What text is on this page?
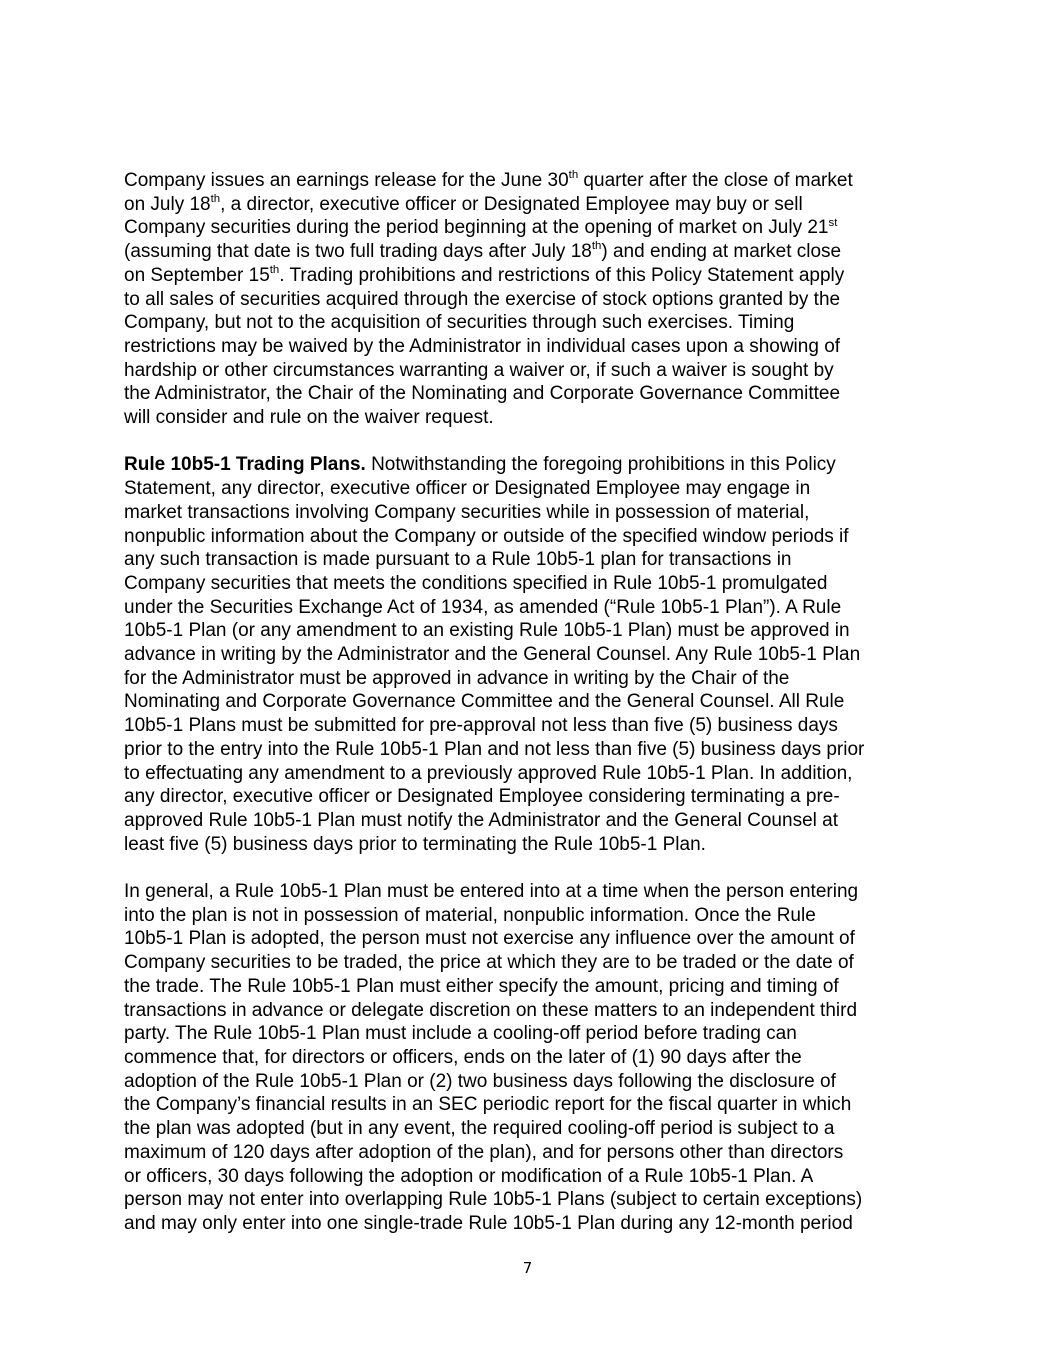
Company issues an earnings release for the June 30th quarter after the close of market
on July 18th, a director, executive officer or Designated Employee may buy or sell
Company securities during the period beginning at the opening of market on July 21st
(assuming that date is two full trading days after July 18th) and ending at market close
on September 15th. Trading prohibitions and restrictions of this Policy Statement apply
to all sales of securities acquired through the exercise of stock options granted by the
Company, but not to the acquisition of securities through such exercises. Timing
restrictions may be waived by the Administrator in individual cases upon a showing of
hardship or other circumstances warranting a waiver or, if such a waiver is sought by
the Administrator, the Chair of the Nominating and Corporate Governance Committee
will consider and rule on the waiver request.

Rule 10b5-1 Trading Plans. Notwithstanding the foregoing prohibitions in this Policy
Statement, any director, executive officer or Designated Employee may engage in
market transactions involving Company securities while in possession of material,
nonpublic information about the Company or outside of the specified window periods if
any such transaction is made pursuant to a Rule 10b5-1 plan for transactions in
Company securities that meets the conditions specified in Rule 10b5-1 promulgated
under the Securities Exchange Act of 1934, as amended (“Rule 10b5-1 Plan”). A Rule
10b5-1 Plan (or any amendment to an existing Rule 10b5-1 Plan) must be approved in
advance in writing by the Administrator and the General Counsel. Any Rule 10b5-1 Plan
for the Administrator must be approved in advance in writing by the Chair of the
Nominating and Corporate Governance Committee and the General Counsel. All Rule
10b5-1 Plans must be submitted for pre-approval not less than five (5) business days
prior to the entry into the Rule 10b5-1 Plan and not less than five (5) business days prior
to effectuating any amendment to a previously approved Rule 10b5-1 Plan. In addition,
any director, executive officer or Designated Employee considering terminating a pre-
approved Rule 10b5-1 Plan must notify the Administrator and the General Counsel at
least five (5) business days prior to terminating the Rule 10b5-1 Plan.

In general, a Rule 10b5-1 Plan must be entered into at a time when the person entering
into the plan is not in possession of material, nonpublic information. Once the Rule
10b5-1 Plan is adopted, the person must not exercise any influence over the amount of
Company securities to be traded, the price at which they are to be traded or the date of
the trade. The Rule 10b5-1 Plan must either specify the amount, pricing and timing of
transactions in advance or delegate discretion on these matters to an independent third
party. The Rule 10b5-1 Plan must include a cooling-off period before trading can
commence that, for directors or officers, ends on the later of (1) 90 days after the
adoption of the Rule 10b5-1 Plan or (2) two business days following the disclosure of
the Company’s financial results in an SEC periodic report for the fiscal quarter in which
the plan was adopted (but in any event, the required cooling-off period is subject to a
maximum of 120 days after adoption of the plan), and for persons other than directors
or officers, 30 days following the adoption or modification of a Rule 10b5-1 Plan. A
person may not enter into overlapping Rule 10b5-1 Plans (subject to certain exceptions)
and may only enter into one single-trade Rule 10b5-1 Plan during any 12-month period

7
